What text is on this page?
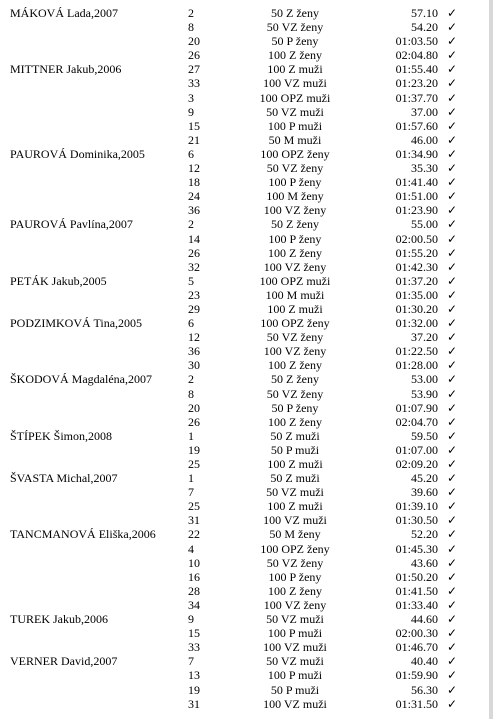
MÁKOVÁ Lada,2007	2	50 Z ženy	57.10 ✓
8	50 VZ ženy	54.20 ✓
20	50 P ženy	01:03.50 ✓
26	100 Z ženy	02:04.80 ✓
MITTNER Jakub,2006	27	100 Z muži	01:55.40 ✓
33	100 VZ muži	01:23.20 ✓
3	100 OPZ muži	01:37.70 ✓
9	50 VZ muži	37.00 ✓
15	100 P muži	01:57.60 ✓
21	50 M muži	46.00 ✓
PAUROVÁ Dominika,2005	6	100 OPZ ženy	01:34.90 ✓
12	50 VZ ženy	35.30 ✓
18	100 P ženy	01:41.40 ✓
24	100 M ženy	01:51.00 ✓
36	100 VZ ženy	01:23.90 ✓
PAUROVÁ Pavlína,2007	2	50 Z ženy	55.00 ✓
14	100 P ženy	02:00.50 ✓
26	100 Z ženy	01:55.20 ✓
32	100 VZ ženy	01:42.30 ✓
PETÁK Jakub,2005	5	100 OPZ muži	01:37.20 ✓
23	100 M muži	01:35.00 ✓
29	100 Z muži	01:30.20 ✓
PODZIMKOVÁ Tina,2005	6	100 OPZ ženy	01:32.00 ✓
12	50 VZ ženy	37.20 ✓
36	100 VZ ženy	01:22.50 ✓
30	100 Z ženy	01:28.00 ✓
ŠKODOVÁ Magdaléna,2007	2	50 Z ženy	53.00 ✓
8	50 VZ ženy	53.90 ✓
20	50 P ženy	01:07.90 ✓
26	100 Z ženy	02:04.70 ✓
ŠTÍPEK Šimon,2008	1	50 Z muži	59.50 ✓
19	50 P muži	01:07.00 ✓
25	100 Z muži	02:09.20 ✓
ŠVASTA Michal,2007	1	50 Z muži	45.20 ✓
7	50 VZ muži	39.60 ✓
25	100 Z muži	01:39.10 ✓
31	100 VZ muži	01:30.50 ✓
TANCMANOVÁ Eliška,2006	22	50 M ženy	52.20 ✓
4	100 OPZ ženy	01:45.30 ✓
10	50 VZ ženy	43.60 ✓
16	100 P ženy	01:50.20 ✓
28	100 Z ženy	01:41.50 ✓
34	100 VZ ženy	01:33.40 ✓
TUREK Jakub,2006	9	50 VZ muži	44.60 ✓
15	100 P muži	02:00.30 ✓
33	100 VZ muži	01:46.70 ✓
VERNER David,2007	7	50 VZ muži	40.40 ✓
13	100 P muži	01:59.90 ✓
19	50 P muži	56.30 ✓
31	100 VZ muži	01:31.50 ✓
